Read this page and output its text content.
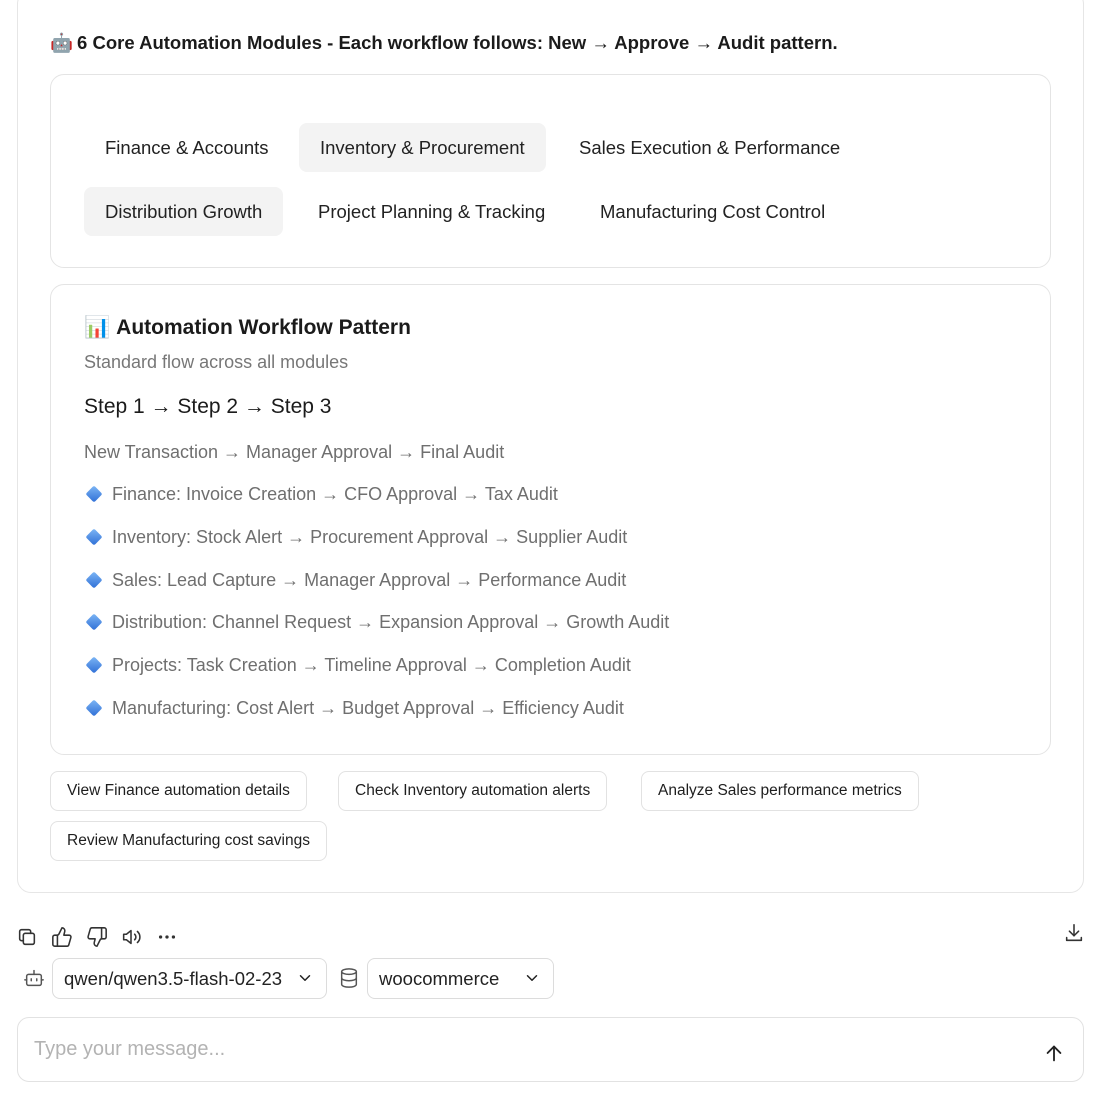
🤖 6 Core Automation Modules - Each workflow follows: New → Approve → Audit pattern.
Finance & Accounts	Inventory & Procurement	Sales Execution & Performance
Distribution Growth	Project Planning & Tracking	Manufacturing Cost Control
📊 Automation Workflow Pattern
Standard flow across all modules
Step 1 → Step 2 → Step 3
New Transaction → Manager Approval → Final Audit
Finance: Invoice Creation → CFO Approval → Tax Audit
Inventory: Stock Alert → Procurement Approval → Supplier Audit
Sales: Lead Capture → Manager Approval → Performance Audit
Distribution: Channel Request → Expansion Approval → Growth Audit
Projects: Task Creation → Timeline Approval → Completion Audit
Manufacturing: Cost Alert → Budget Approval → Efficiency Audit
View Finance automation details	Check Inventory automation alerts	Analyze Sales performance metrics
Review Manufacturing cost savings
qwen/qwen3.5-flash-02-23	woocommerce
Type your message...
